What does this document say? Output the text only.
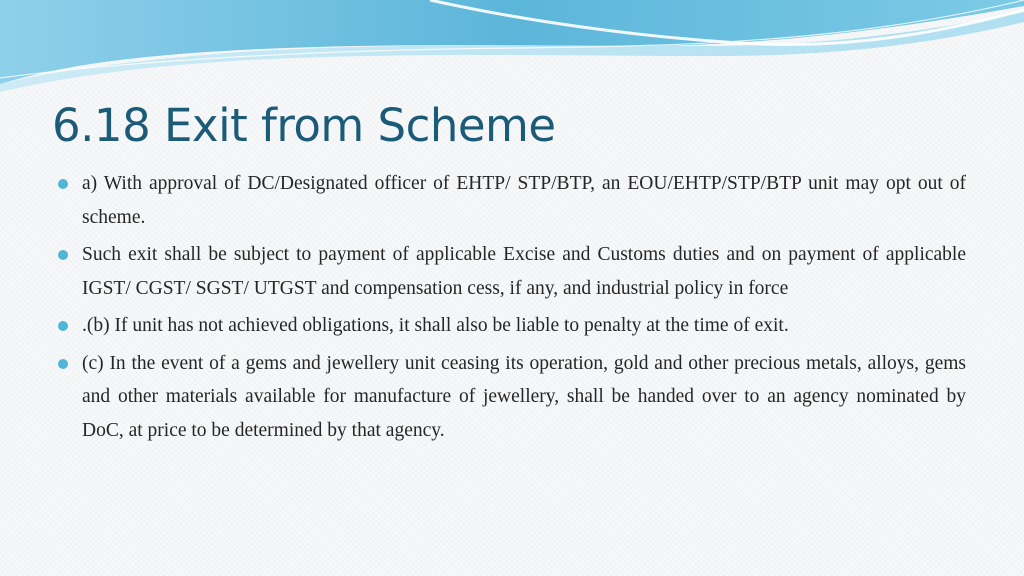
6.18 Exit from Scheme
a) With approval of DC/Designated officer of EHTP/ STP/BTP, an EOU/EHTP/STP/BTP unit may opt out of scheme.
Such exit shall be subject to payment of applicable Excise and Customs duties and on payment of applicable IGST/ CGST/ SGST/ UTGST and compensation cess, if any, and industrial policy in force
.(b) If unit has not achieved obligations, it shall also be liable to penalty at the time of exit.
(c) In the event of a gems and jewellery unit ceasing its operation, gold and other precious metals, alloys, gems and other materials available for manufacture of jewellery, shall be handed over to an agency nominated by DoC, at price to be determined by that agency.
